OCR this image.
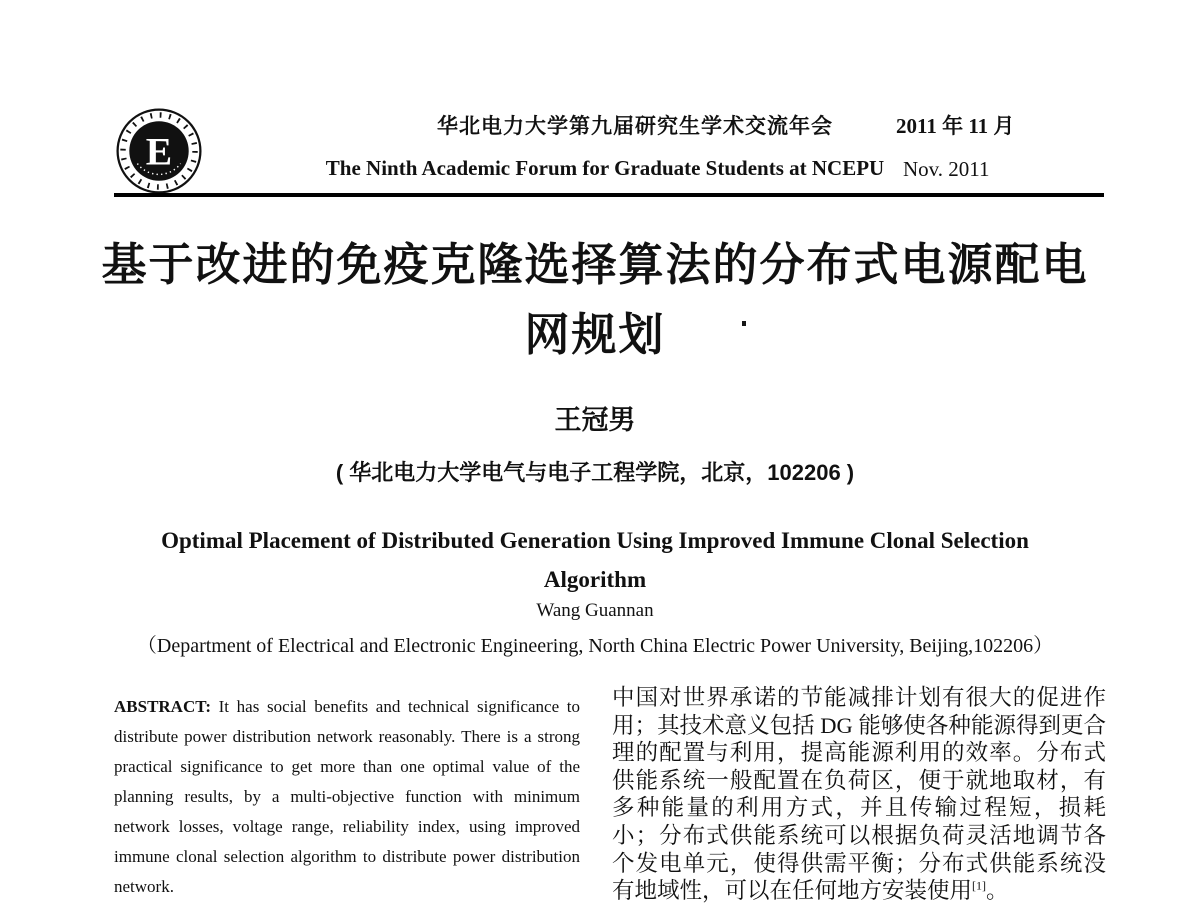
E
华北电力大学第九届研究生学术交流年会
The Ninth Academic Forum for Graduate Students at NCEPU
2011 年 11 月
Nov. 2011
基于改进的免疫克隆选择算法的分布式电源配电
网规划
王冠男
( 华北电力大学电气与电子工程学院，北京，102206 )
Optimal Placement of Distributed Generation Using Improved Immune Clonal Selection
Algorithm
Wang Guannan
（Department of Electrical and Electronic Engineering, North China Electric Power University, Beijing,102206）
ABSTRACT: It has social benefits and technical significance to distribute power distribution network reasonably. There is a strong practical significance to get more than one optimal value of the planning results, by a multi-objective function with minimum network losses, voltage range, reliability index, using improved immune clonal selection algorithm to distribute power distribution network.
中国对世界承诺的节能减排计划有很大的促进作用；其技术意义包括 DG 能够使各种能源得到更合理的配置与利用，提高能源利用的效率。分布式供能系统一般配置在负荷区，便于就地取材，有多种能量的利用方式，并且传输过程短，损耗小；分布式供能系统可以根据负荷灵活地调节各个发电单元，使得供需平衡；分布式供能系统没有地域性，可以在任何地方安装使用[1]。
